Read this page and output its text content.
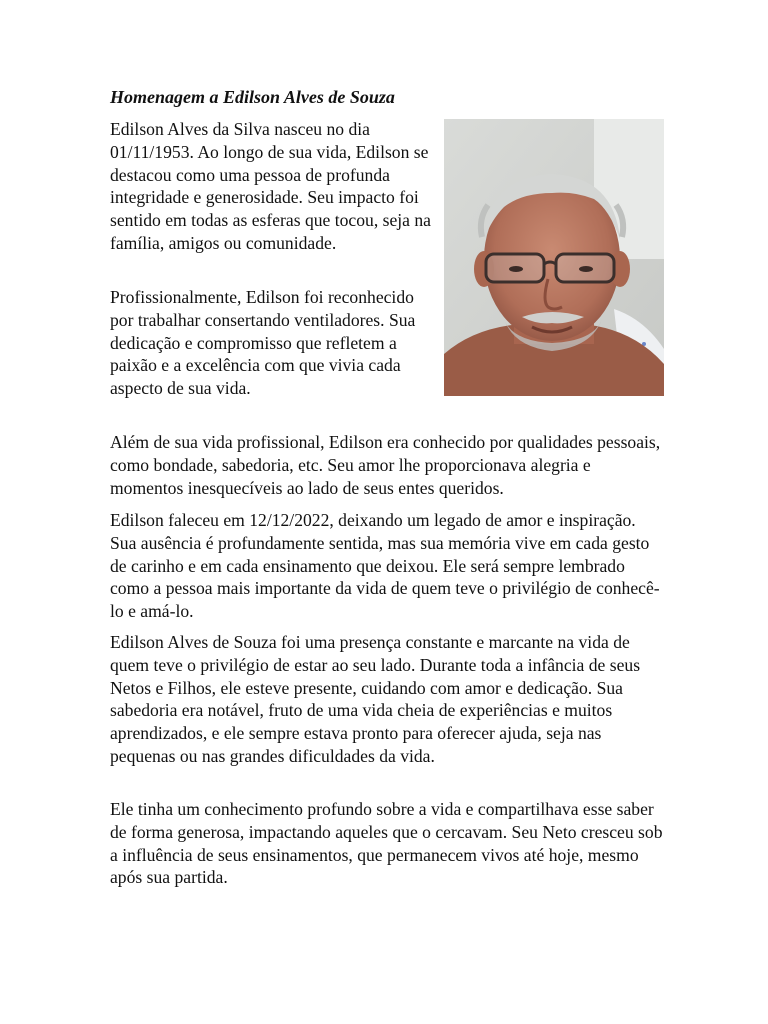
Homenagem a Edilson Alves de Souza

Edilson Alves da Silva nasceu no dia 01/11/1953. Ao longo de sua vida, Edilson se destacou como uma pessoa de profunda integridade e generosidade. Seu impacto foi sentido em todas as esferas que tocou, seja na família, amigos ou comunidade.

Profissionalmente, Edilson foi reconhecido por trabalhar consertando ventiladores. Sua dedicação e compromisso que refletem a paixão e a excelência com que vivia cada aspecto de sua vida.

Além de sua vida profissional, Edilson era conhecido por qualidades pessoais, como bondade, sabedoria, etc. Seu amor lhe proporcionava alegria e momentos inesquecíveis ao lado de seus entes queridos.

Edilson faleceu em 12/12/2022, deixando um legado de amor e inspiração. Sua ausência é profundamente sentida, mas sua memória vive em cada gesto de carinho e em cada ensinamento que deixou. Ele será sempre lembrado como a pessoa mais importante da vida de quem teve o privilégio de conhecê-lo e amá-lo.

Edilson Alves de Souza foi uma presença constante e marcante na vida de quem teve o privilégio de estar ao seu lado. Durante toda a infância de seus Netos e Filhos, ele esteve presente, cuidando com amor e dedicação. Sua sabedoria era notável, fruto de uma vida cheia de experiências e muitos aprendizados, e ele sempre estava pronto para oferecer ajuda, seja nas pequenas ou nas grandes dificuldades da vida.

Ele tinha um conhecimento profundo sobre a vida e compartilhava esse saber de forma generosa, impactando aqueles que o cercavam. Seu Neto cresceu sob a influência de seus ensinamentos, que permanecem vivos até hoje, mesmo após sua partida.
